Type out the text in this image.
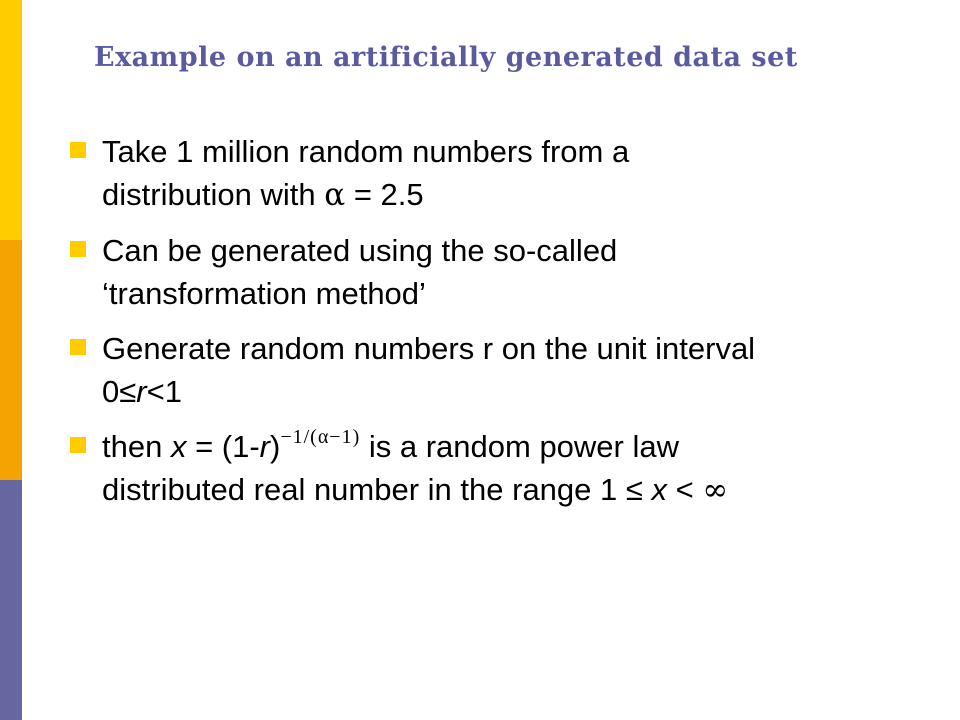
Example on an artificially generated data set
Take 1 million random numbers from a
distribution with α = 2.5
Can be generated using the so-called
‘transformation method’
Generate random numbers r on the unit interval
0≤r<1
then $x = (1-r)^{-1/(\alpha-1)}$ is a random power law
distributed real number in the range 1 ≤ x < ∞
